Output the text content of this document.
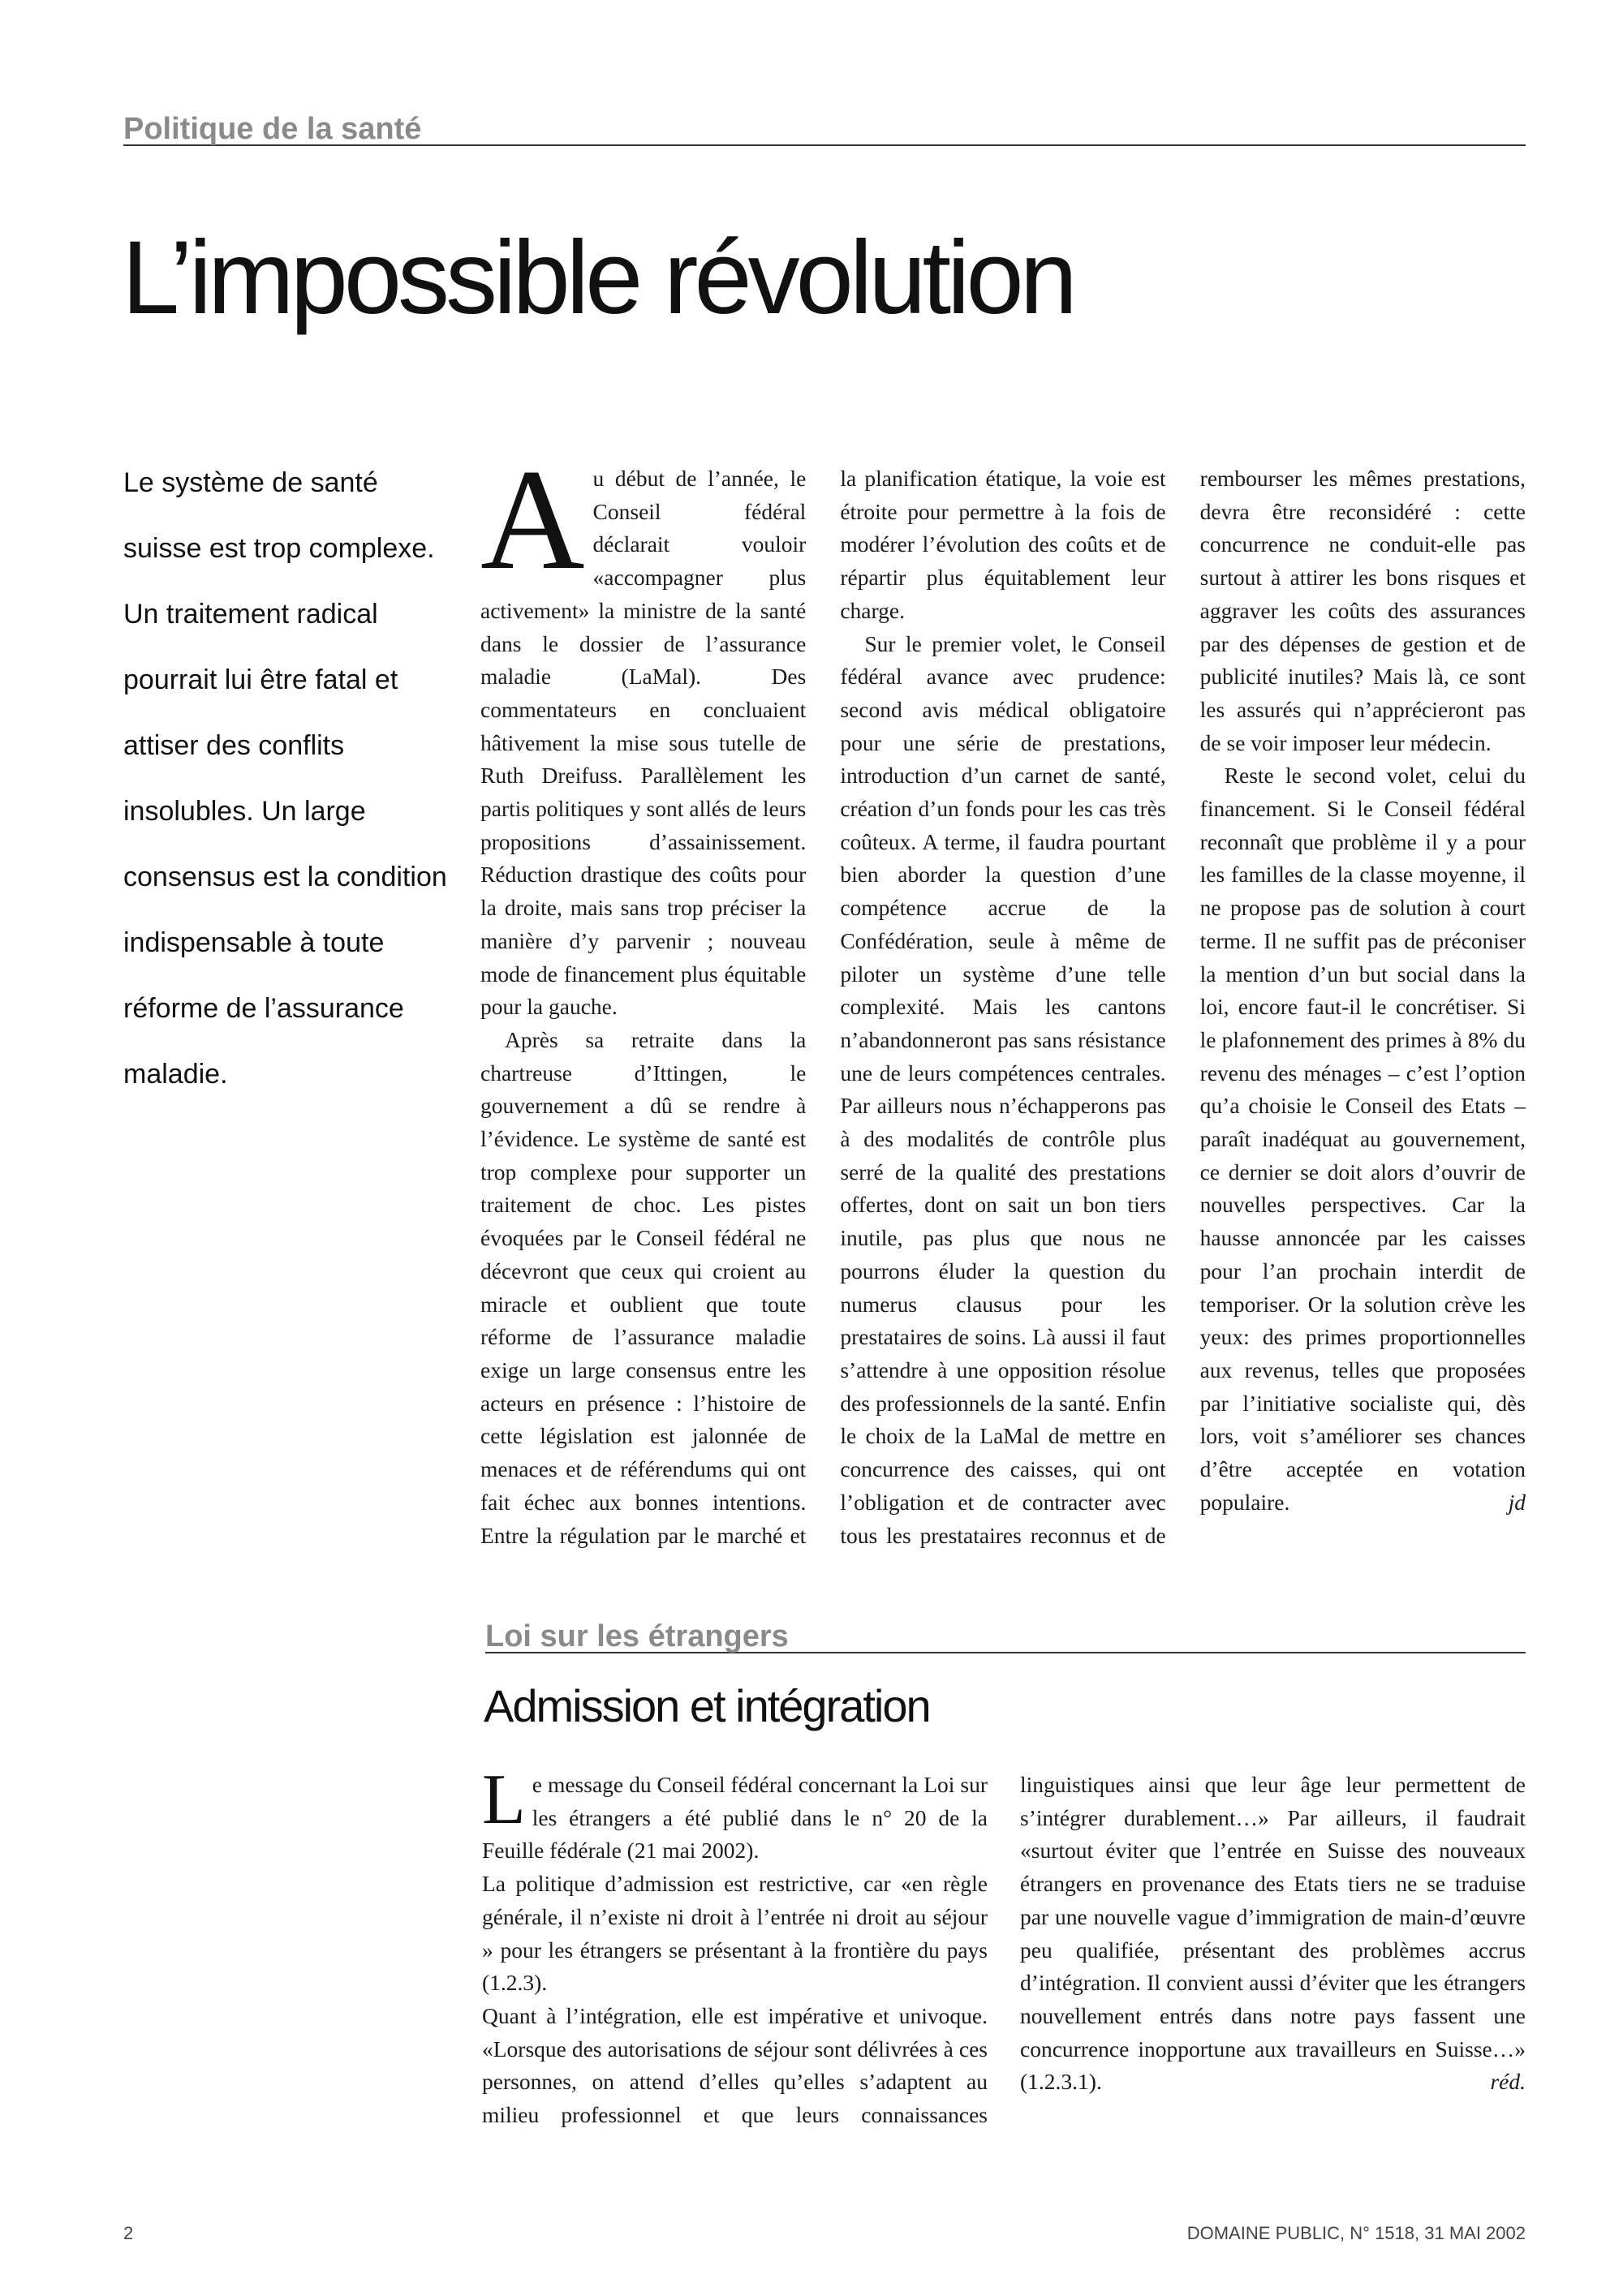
Politique de la santé
L’impossible révolution

Le système de santé suisse est trop complexe. Un traitement radical pourrait lui être fatal et attiser des conflits insolubles. Un large consensus est la condition indispensable à toute réforme de l’assurance maladie.

Au début de l’année, le Conseil fédéral déclarait vouloir «accompagner plus activement» la ministre de la santé dans le dossier de l’assurance maladie (LaMal). Des commentateurs en concluaient hâtivement la mise sous tutelle de Ruth Dreifuss. Parallèlement les partis politiques y sont allés de leurs propositions d’assainissement. Réduction drastique des coûts pour la droite, mais sans trop préciser la manière d’y parvenir ; nouveau mode de financement plus équitable pour la gauche.

Après sa retraite dans la chartreuse d’Ittingen, le gouvernement a dû se rendre à l’évidence. Le système de santé est trop complexe pour supporter un traitement de choc. Les pistes évoquées par le Conseil fédéral ne décevront que ceux qui croient au miracle et oublient que toute réforme de l’assurance maladie exige un large consensus entre les acteurs en présence : l’histoire de cette législation est jalonnée de menaces et de référendums qui ont fait échec aux bonnes intentions. Entre la régulation par le marché et la planification étatique, la voie est étroite pour permettre à la fois de modérer l’évolution des coûts et de répartir plus équitablement leur charge.

Sur le premier volet, le Conseil fédéral avance avec prudence: second avis médical obligatoire pour une série de prestations, introduction d’un carnet de santé, création d’un fonds pour les cas très coûteux. A terme, il faudra pourtant bien aborder la question d’une compétence accrue de la Confédération, seule à même de piloter un système d’une telle complexité. Mais les cantons n’abandonneront pas sans résistance une de leurs compétences centrales. Par ailleurs nous n’échapperons pas à des modalités de contrôle plus serré de la qualité des prestations offertes, dont on sait un bon tiers inutile, pas plus que nous ne pourrons éluder la question du numerus clausus pour les prestataires de soins. Là aussi il faut s’attendre à une opposition résolue des professionnels de la santé. Enfin le choix de la LaMal de mettre en concurrence des caisses, qui ont l’obligation et de contracter avec tous les prestataires reconnus et de rembourser les mêmes prestations, devra être reconsidéré : cette concurrence ne conduit-elle pas surtout à attirer les bons risques et aggraver les coûts des assurances par des dépenses de gestion et de publicité inutiles? Mais là, ce sont les assurés qui n’apprécieront pas de se voir imposer leur médecin.

Reste le second volet, celui du financement. Si le Conseil fédéral reconnaît que problème il y a pour les familles de la classe moyenne, il ne propose pas de solution à court terme. Il ne suffit pas de préconiser la mention d’un but social dans la loi, encore faut-il le concrétiser. Si le plafonnement des primes à 8% du revenu des ménages – c’est l’option qu’a choisie le Conseil des Etats – paraît inadéquat au gouvernement, ce dernier se doit alors d’ouvrir de nouvelles perspectives. Car la hausse annoncée par les caisses pour l’an prochain interdit de temporiser. Or la solution crève les yeux: des primes proportionnelles aux revenus, telles que proposées par l’initiative socialiste qui, dès lors, voit s’améliorer ses chances d’être acceptée en votation populaire.	jd

Loi sur les étrangers
Admission et intégration

Le message du Conseil fédéral concernant la Loi sur les étrangers a été publié dans le n° 20 de la Feuille fédérale (21 mai 2002).

La politique d’admission est restrictive, car «en règle générale, il n’existe ni droit à l’entrée ni droit au séjour » pour les étrangers se présentant à la frontière du pays (1.2.3).

Quant à l’intégration, elle est impérative et univoque. «Lorsque des autorisations de séjour sont délivrées à ces personnes, on attend d’elles qu’elles s’adaptent au milieu professionnel et que leurs connaissances linguistiques ainsi que leur âge leur permettent de s’intégrer durablement…» Par ailleurs, il faudrait «surtout éviter que l’entrée en Suisse des nouveaux étrangers en provenance des Etats tiers ne se traduise par une nouvelle vague d’immigration de main-d’œuvre peu qualifiée, présentant des problèmes accrus d’intégration. Il convient aussi d’éviter que les étrangers nouvellement entrés dans notre pays fassent une concurrence inopportune aux travailleurs en Suisse…» (1.2.3.1).	réd.

2	DOMAINE PUBLIC, N° 1518, 31 MAI 2002
